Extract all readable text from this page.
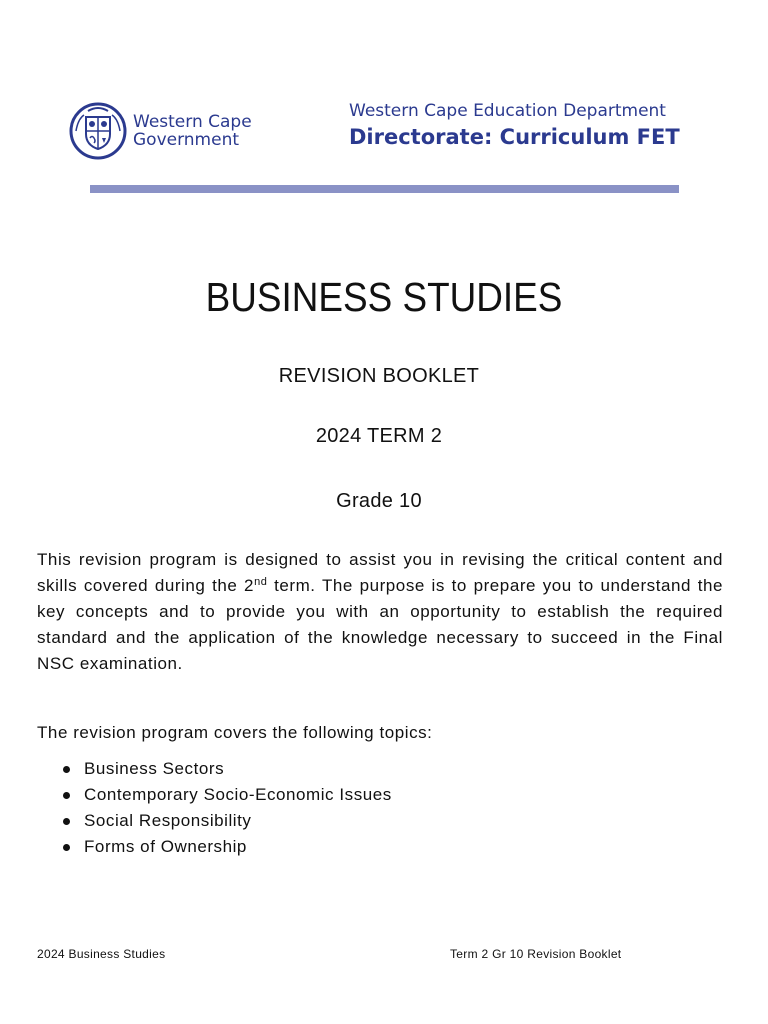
Western Cape
Government
Western Cape Education Department
Directorate: Curriculum FET
BUSINESS STUDIES
REVISION BOOKLET
2024 TERM 2
Grade 10

This revision program is designed to assist you in revising the critical content and skills covered during the 2nd term. The purpose is to prepare you to understand the key concepts and to provide you with an opportunity to establish the required standard and the application of the knowledge necessary to succeed in the Final NSC examination.

The revision program covers the following topics:

Business Sectors
Contemporary Socio-Economic Issues
Social Responsibility
Forms of Ownership
2024 Business Studies	Term 2 Gr 10 Revision Booklet
